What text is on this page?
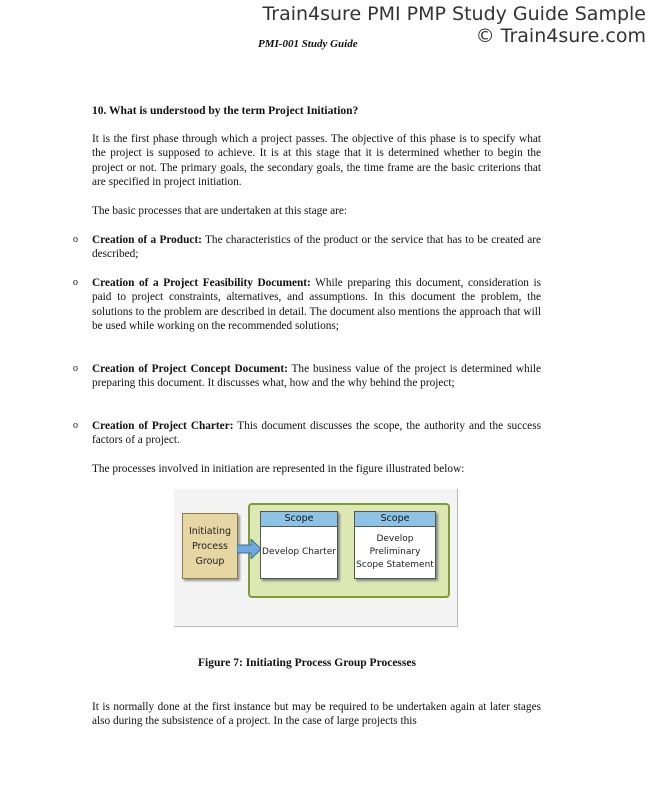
Train4sure PMI PMP Study Guide Sample
© Train4sure.com
PMI-001 Study Guide
10. What is understood by the term Project Initiation?
It is the first phase through which a project passes. The objective of this phase is to specify what the project is supposed to achieve. It is at this stage that it is determined whether to begin the project or not. The primary goals, the secondary goals, the time frame are the basic criterions that are specified in project initiation.
The basic processes that are undertaken at this stage are:
o Creation of a Product: The characteristics of the product or the service that has to be created are described;
o Creation of a Project Feasibility Document: While preparing this document, consideration is paid to project constraints, alternatives, and assumptions. In this document the problem, the solutions to the problem are described in detail. The document also mentions the approach that will be used while working on the recommended solutions;
o Creation of Project Concept Document: The business value of the project is determined while preparing this document. It discusses what, how and the why behind the project;
o Creation of Project Charter: This document discusses the scope, the authority and the success factors of a project.
The processes involved in initiation are represented in the figure illustrated below:
Initiating Process Group
Scope
Develop Charter
Scope
Develop Preliminary Scope Statement
Figure 7: Initiating Process Group Processes
It is normally done at the first instance but may be required to be undertaken again at later stages also during the subsistence of a project. In the case of large projects this
